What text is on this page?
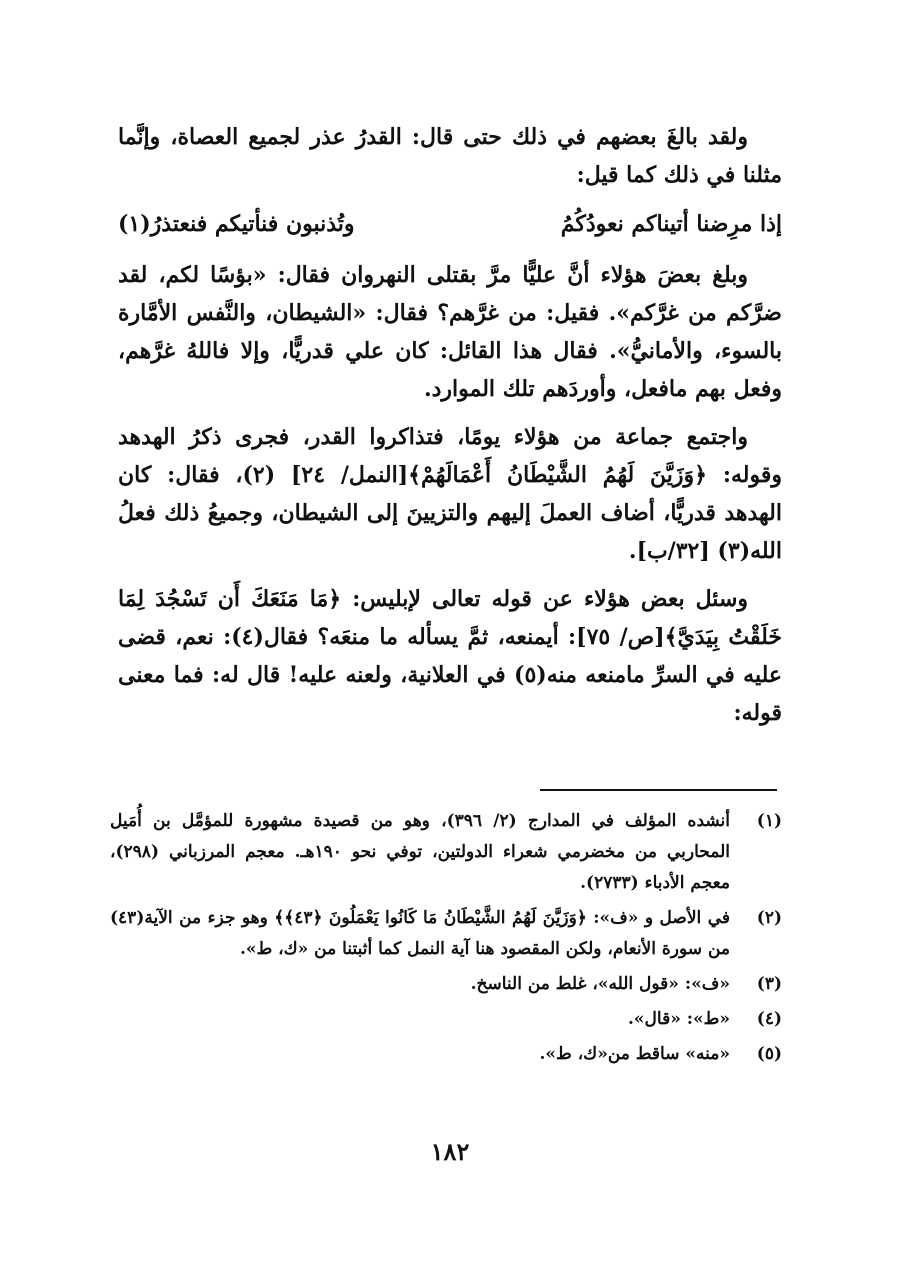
ولقد بالغَ بعضهم في ذلك حتى قال: القدرُ عذر لجميع العصاة، وإنَّما مثلنا في ذلك كما قيل:

إذا مرِضنا أتيناكم نعودُكُمُ
وتُذنبون فنأتيكم فنعتذرُ(١)

وبلغ بعضَ هؤلاء أنَّ عليًّا مرَّ بقتلى النهروان فقال: «بؤسًا لكم، لقد ضرَّكم من غرَّكم». فقيل: من غرَّهم؟ فقال: «الشيطان، والنَّفس الأمَّارة بالسوء، والأمانيُّ». فقال هذا القائل: كان علي قدريًّا، وإلا فاللهُ غرَّهم، وفعل بهم مافعل، وأوردَهم تلك الموارد.

واجتمع جماعة من هؤلاء يومًا، فتذاكروا القدر، فجرى ذكرُ الهدهد وقوله: ﴿وَزَيَّنَ لَهُمُ الشَّيْطَانُ أَعْمَالَهُمْ﴾[النمل/ ٢٤] (٢)، فقال: كان الهدهد قدريًّا، أضاف العملَ إليهم والتزيينَ إلى الشيطان، وجميعُ ذلك فعلُ الله(٣) [٣٢/ب].

وسئل بعض هؤلاء عن قوله تعالى لإبليس: ﴿مَا مَنَعَكَ أَن تَسْجُدَ لِمَا خَلَقْتُ بِيَدَيَّ﴾[ص/ ٧٥]: أيمنعه، ثمَّ يسأله ما منعَه؟ فقال(٤): نعم، قضى عليه في السرِّ مامنعه منه(٥) في العلانية، ولعنه عليه! قال له: فما معنى قوله:

(١)
أنشده المؤلف في المدارج (٢/ ٣٩٦)، وهو من قصيدة مشهورة للمؤمَّل بن أُمَيل المحاربي من مخضرمي شعراء الدولتين، توفي نحو ١٩٠هـ. معجم المرزباني (٢٩٨)، معجم الأدباء (٢٧٣٣).
(٢)
في الأصل و «ف»: ﴿وَزَيَّنَ لَهُمُ الشَّيْطَانُ مَا كَانُوا يَعْمَلُونَ ﴿٤٣﴾﴾ وهو جزء من الآية(٤٣) من سورة الأنعام، ولكن المقصود هنا آية النمل كما أثبتنا من «ك، ط».
(٣)
«ف»: «قول الله»، غلط من الناسخ.
(٤)
«ط»: «قال».
(٥)
«منه» ساقط من«ك، ط».
١٨٢
